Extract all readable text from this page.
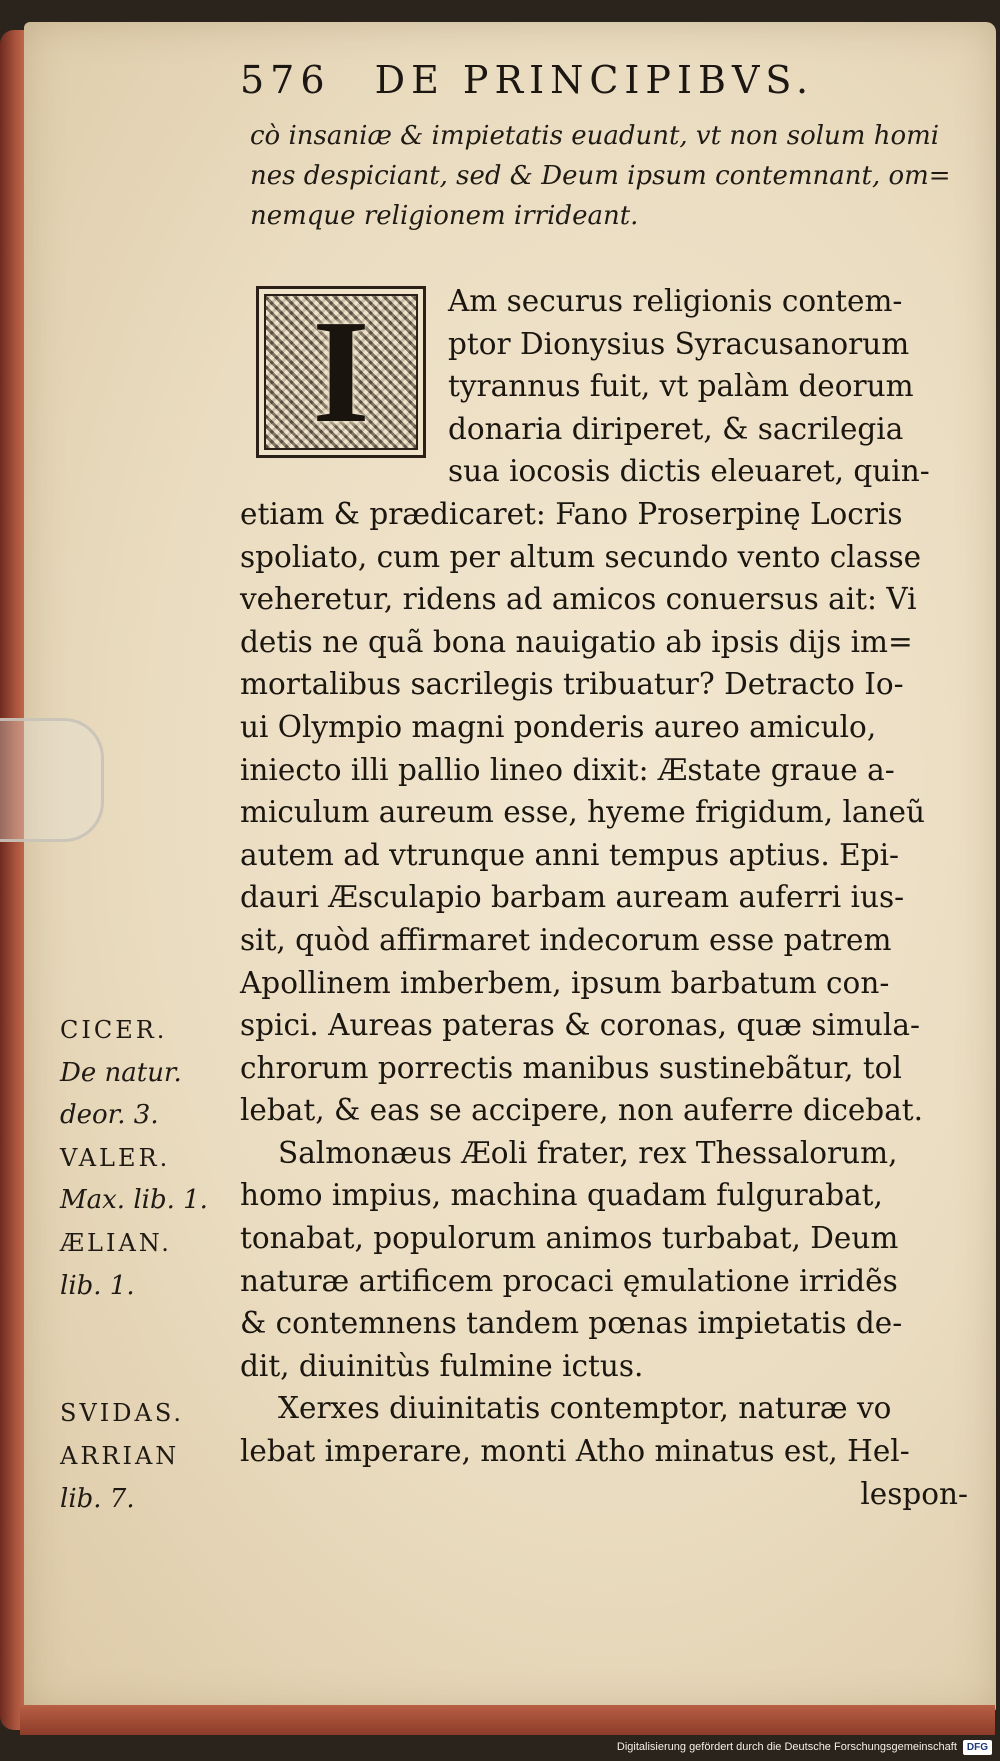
576 DE PRINCIPIBVS.
cò insaniæ & impietatis euadunt, vt non solum homi
nes despiciant, sed & Deum ipsum contemnant, om=
nemque religionem irrideant.
I	Am securus religionis contem-
ptor Dionysius Syracusanorum
tyrannus fuit, vt palàm deorum
donaria diriperet, & sacrilegia
sua iocosis dictis eleuaret, quin-
etiam & prædicaret: Fano Proserpinę Locris
spoliato, cum per altum secundo vento classe
veheretur, ridens ad amicos conuersus ait: Vi
detis ne quã bona nauigatio ab ipsis dijs im=
mortalibus sacrilegis tribuatur? Detracto Io-
ui Olympio magni ponderis aureo amiculo,
iniecto illi pallio lineo dixit: Æstate graue a-
miculum aureum esse, hyeme frigidum, laneũ
autem ad vtrunque anni tempus aptius. Epi-
dauri Æsculapio barbam auream auferri ius-
sit, quòd affirmaret indecorum esse patrem
Apollinem imberbem, ipsum barbatum con-
spici. Aureas pateras & coronas, quæ simula-
chrorum porrectis manibus sustinebãtur, tol
lebat, & eas se accipere, non auferre dicebat.
Salmonæus Æoli frater, rex Thessalorum,
homo impius, machina quadam fulgurabat,
tonabat, populorum animos turbabat, Deum
naturæ artificem procaci ęmulatione irridẽs
& contemnens tandem pœnas impietatis de-
dit, diuinitùs fulmine ictus.
Xerxes diuinitatis contemptor, naturæ vo
lebat imperare, monti Atho minatus est, Hel-
lespon-
CICER.
De natur.
deor. 3.
VALER.
Max. lib. 1.
ÆLIAN.
lib. 1.
SVIDAS.
ARRIAN
lib. 7.
Digitalisierung gefördert durch die Deutsche Forschungsgemeinschaft	DFG
